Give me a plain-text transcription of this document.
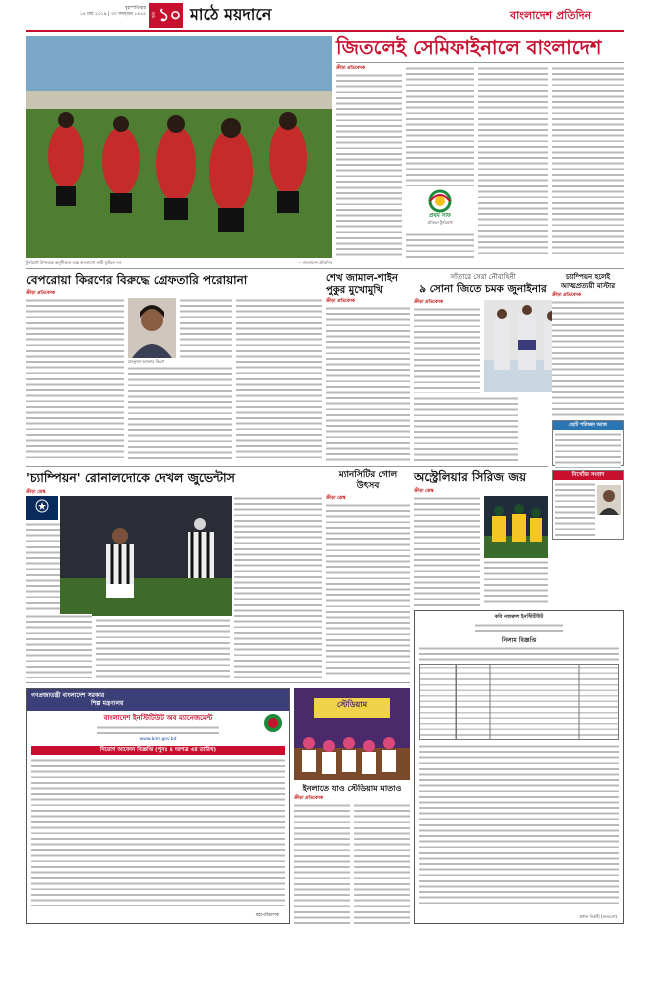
বৃহস্পতিবার
১৪ মার্চ ২০১৯ | ৩০ ফাল্গুন ১৪২৫ পৃষ্ঠা ১০ মাঠে ময়দানে	বাংলাদেশ প্রতিদিন
টুর্নামেন্ট উপলক্ষে অনুশীলনে ব্যস্ত বাংলাদেশ নারী ফুটবল দল	-- বাংলাদেশ প্রতিদিন
জিতলেই সেমিফাইনালে বাংলাদেশ
ক্রীড়া প্রতিবেদক
প্রথম সাফ
প্রতিভা টুর্নামেন্ট
বেপরোয়া কিরণের বিরুদ্ধে গ্রেফতারি পরোয়ানা
ক্রীড়া প্রতিবেদক
মাহফুজা আক্তার কিরণ
শেখ জামাল-শাইন পুকুর মুখোমুখি
ক্রীড়া প্রতিবেদক
সাঁতারে সেরা নৌবাহিনী
৯ সোনা জিতে চমক জুনাইনার
ক্রীড়া প্রতিবেদক
চ্যাম্পিয়ন হলেই আত্মপ্রত্যয়ী মাস্টার
ক্রীড়া প্রতিবেদক
ছোট পরিচ্ছদ আজ
নিখোঁজ সংবাদ
'চ্যাম্পিয়ন' রোনালদোকে দেখল জুভেন্টাস
ক্রীড়া ডেস্ক
ম্যানসিটির গোল উৎসব
ক্রীড়া ডেস্ক
অস্ট্রেলিয়ার সিরিজ জয়
ক্রীড়া ডেস্ক
কবি নজরুল ইনস্টিটিউট
নিলাম বিজ্ঞপ্তি
প্রধান নির্বাহী (দ্রুতবেগ)
গণপ্রজাতন্ত্রী বাংলাদেশ সরকার
শিল্প মন্ত্রণালয়
বাংলাদেশ ইনস্টিটিউট অব ম্যানেজমেন্ট
www.bim.gov.bd
নিয়োগ আবেদন বিজ্ঞপ্তি (পুনঃ ৪ দরপত্র এর তারিখ)
মহাপরিচালক
স্টেডিয়াম
ইনলাতে যাও স্টেডিয়াম মাতাও
ক্রীড়া প্রতিবেদক
